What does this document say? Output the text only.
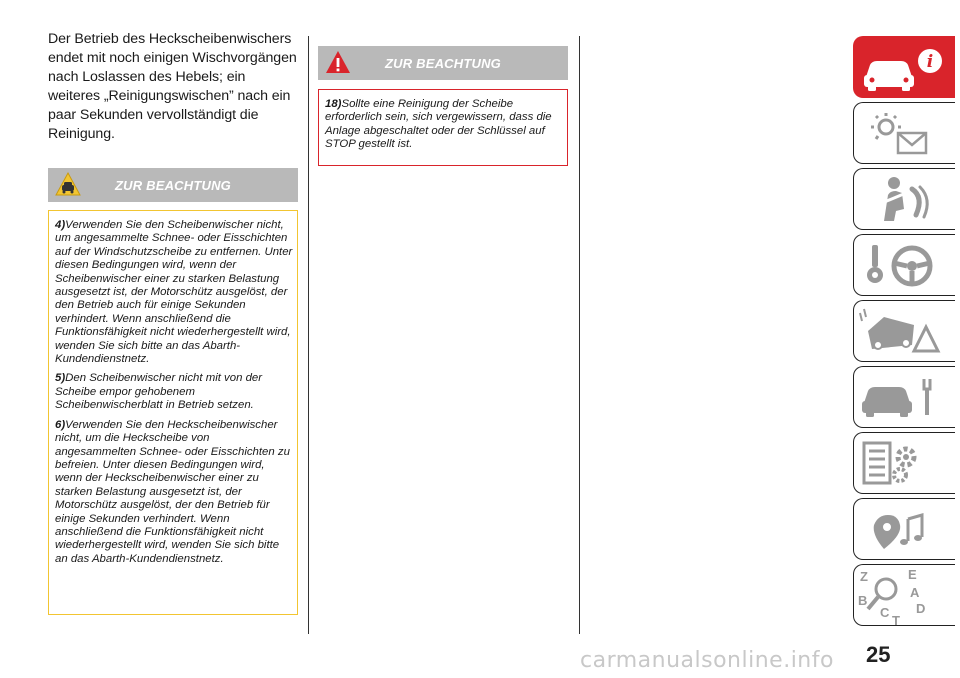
Der Betrieb des Heckscheibenwischers endet mit noch einigen Wischvorgängen nach Loslassen des Hebels; ein weiteres „Reinigungswischen” nach ein paar Sekunden vervollständigt die Reinigung.

ZUR BEACHTUNG

4)Verwenden Sie den Scheibenwischer nicht, um angesammelte Schnee- oder Eisschichten auf der Windschutzscheibe zu entfernen. Unter diesen Bedingungen wird, wenn der Scheibenwischer einer zu starken Belastung ausgesetzt ist, der Motorschütz ausgelöst, der den Betrieb auch für einige Sekunden verhindert. Wenn anschließend die Funktionsfähigkeit nicht wiederhergestellt wird, wenden Sie sich bitte an das Abarth-Kundendienstnetz.

5)Den Scheibenwischer nicht mit von der Scheibe empor gehobenem Scheibenwischerblatt in Betrieb setzen.

6)Verwenden Sie den Heckscheibenwischer nicht, um die Heckscheibe von angesammelten Schnee- oder Eisschichten zu befreien. Unter diesen Bedingungen wird, wenn der Heckscheibenwischer einer zu starken Belastung ausgesetzt ist, der Motorschütz ausgelöst, der den Betrieb für einige Sekunden verhindert. Wenn anschließend die Funktionsfähigkeit nicht wiederhergestellt wird, wenden Sie sich bitte an das Abarth-Kundendienstnetz.

ZUR BEACHTUNG

18)Sollte eine Reinigung der Scheibe erforderlich sein, sich vergewissern, dass die Anlage abgeschaltet oder der Schlüssel auf STOP gestellt ist.

i
Z	E
A
B
C
T
D
25
carmanualsonline.info
